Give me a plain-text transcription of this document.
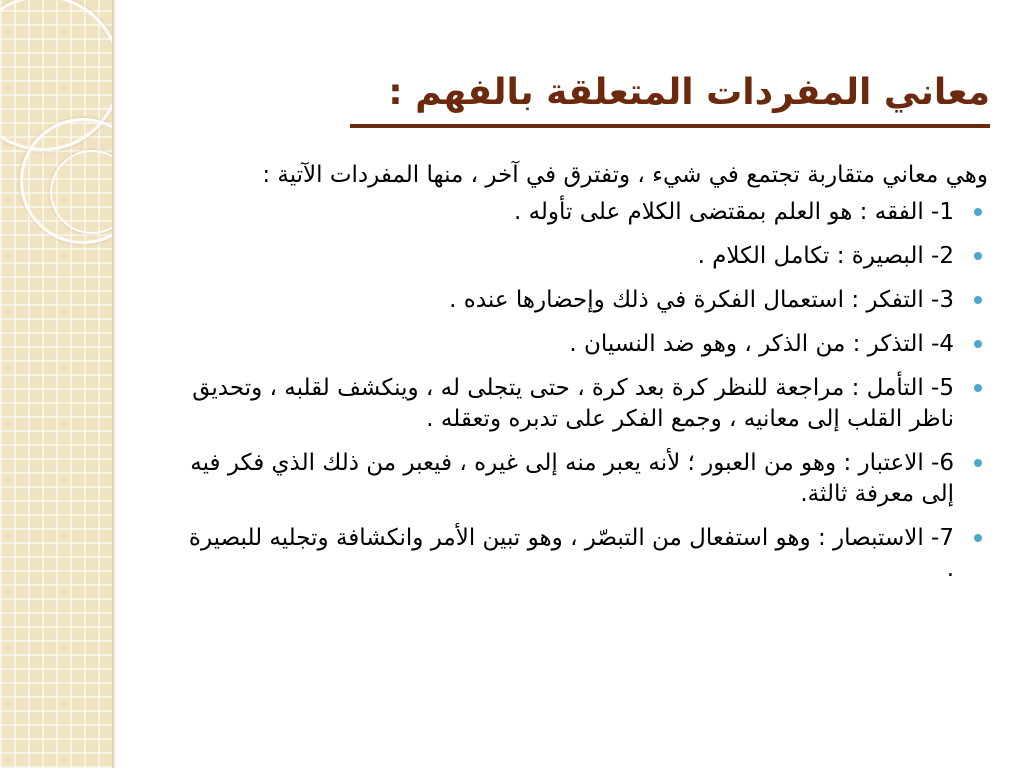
معاني المفردات المتعلقة بالفهم :

وهي معاني متقاربة تجتمع في شيء ، وتفترق في آخر ، منها المفردات الآتية :

1- الفقه : هو العلم بمقتضى الكلام على تأوله .
2- البصيرة : تكامل الكلام .
3- التفكر : استعمال الفكرة في ذلك وإحضارها عنده .
4- التذكر : من الذكر ، وهو ضد النسيان .
5- التأمل : مراجعة للنظر كرة بعد كرة ، حتى يتجلى له ، وينكشف لقلبه ، وتحديق ناظر القلب إلى معانيه ، وجمع الفكر على تدبره وتعقله .
6- الاعتبار : وهو من العبور ؛ لأنه يعبر منه إلى غيره ، فيعبر من ذلك الذي فكر فيه إلى معرفة ثالثة.
7- الاستبصار : وهو استفعال من التبصّر ، وهو تبين الأمر وانكشافة وتجليه للبصيرة .
